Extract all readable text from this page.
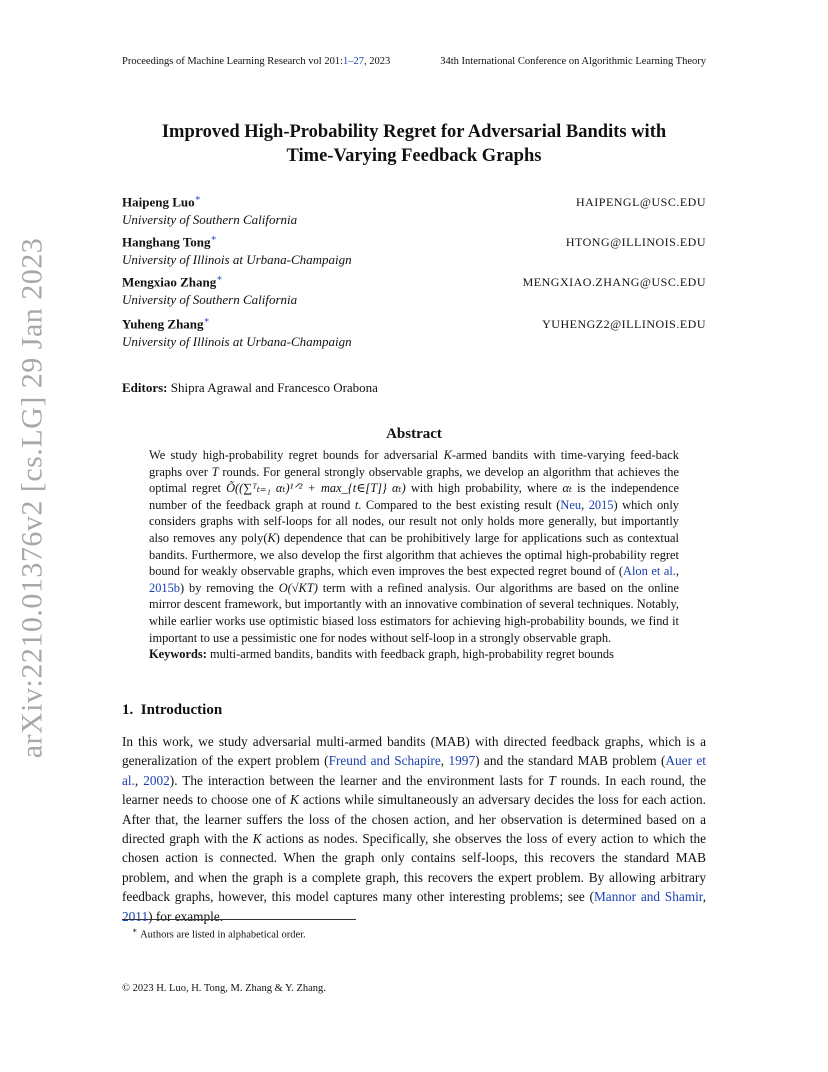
arXiv:2210.01376v2 [cs.LG] 29 Jan 2023
Proceedings of Machine Learning Research vol 201:1–27, 2023	34th International Conference on Algorithmic Learning Theory
Improved High-Probability Regret for Adversarial Bandits with
Time-Varying Feedback Graphs
Haipeng Luo∗	HAIPENGL@USC.EDU
University of Southern California
Hanghang Tong∗	HTONG@ILLINOIS.EDU
University of Illinois at Urbana-Champaign
Mengxiao Zhang∗	MENGXIAO.ZHANG@USC.EDU
University of Southern California
Yuheng Zhang∗	YUHENGZ2@ILLINOIS.EDU
University of Illinois at Urbana-Champaign
Editors: Shipra Agrawal and Francesco Orabona
Abstract

We study high-probability regret bounds for adversarial K-armed bandits with time-varying feed-back graphs over T rounds. For general strongly observable graphs, we develop an algorithm that achieves the optimal regret Õ((∑ᵀₜ₌₁ αₜ)¹ᐟ² + max_{t∈[T]} αₜ) with high probability, where αₜ is the independence number of the feedback graph at round t. Compared to the best existing result (Neu, 2015) which only considers graphs with self-loops for all nodes, our result not only holds more generally, but importantly also removes any poly(K) dependence that can be prohibitively large for applications such as contextual bandits. Furthermore, we also develop the first algorithm that achieves the optimal high-probability regret bound for weakly observable graphs, which even improves the best expected regret bound of (Alon et al., 2015b) by removing the O(√KT) term with a refined analysis. Our algorithms are based on the online mirror descent framework, but importantly with an innovative combination of several techniques. Notably, while earlier works use optimistic biased loss estimators for achieving high-probability bounds, we find it important to use a pessimistic one for nodes without self-loop in a strongly observable graph.

Keywords: multi-armed bandits, bandits with feedback graph, high-probability regret bounds

1. Introduction

In this work, we study adversarial multi-armed bandits (MAB) with directed feedback graphs, which is a generalization of the expert problem (Freund and Schapire, 1997) and the standard MAB problem (Auer et al., 2002). The interaction between the learner and the environment lasts for T rounds. In each round, the learner needs to choose one of K actions while simultaneously an adversary decides the loss for each action. After that, the learner suffers the loss of the chosen action, and her observation is determined based on a directed graph with the K actions as nodes. Specifically, she observes the loss of every action to which the chosen action is connected. When the graph only contains self-loops, this recovers the standard MAB problem, and when the graph is a complete graph, this recovers the expert problem. By allowing arbitrary feedback graphs, however, this model captures many other interesting problems; see (Mannor and Shamir, 2011) for example.

∗ Authors are listed in alphabetical order.
© 2023 H. Luo, H. Tong, M. Zhang & Y. Zhang.
